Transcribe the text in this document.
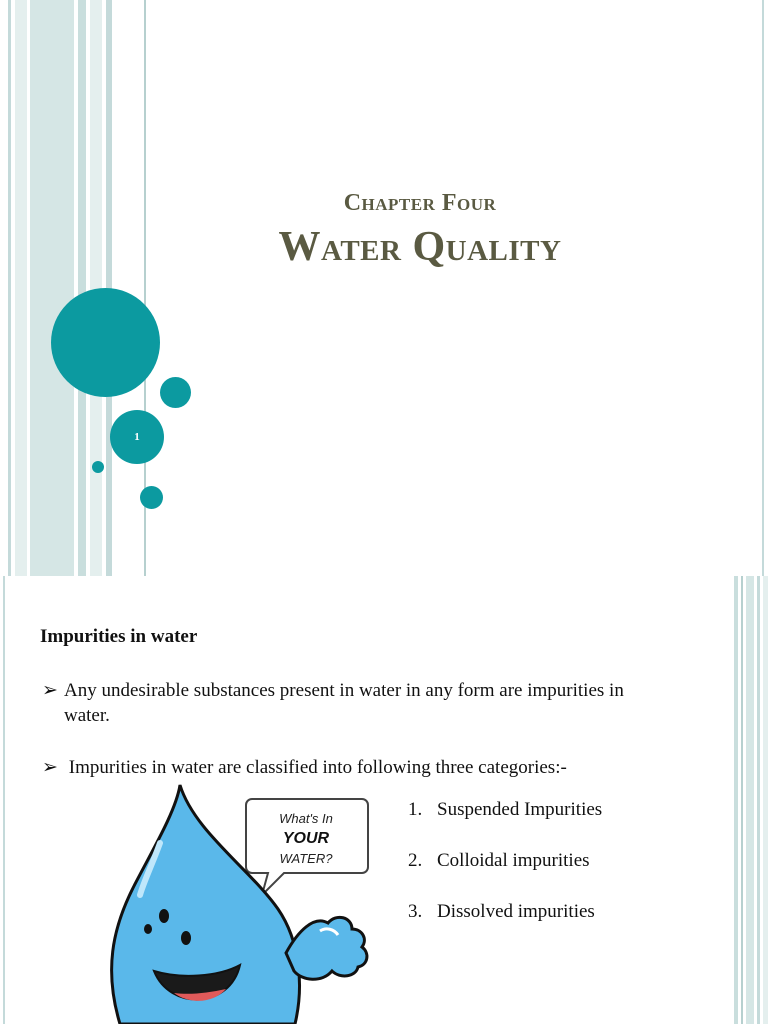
Chapter Four
Water Quality
1
Impurities in water
➢ Any undesirable substances present in water in any form are impurities in
water.
➢ Impurities in water are classified into following three categories:-
What's In
YOUR
WATER?
1. Suspended Impurities
2. Colloidal impurities
3. Dissolved impurities
